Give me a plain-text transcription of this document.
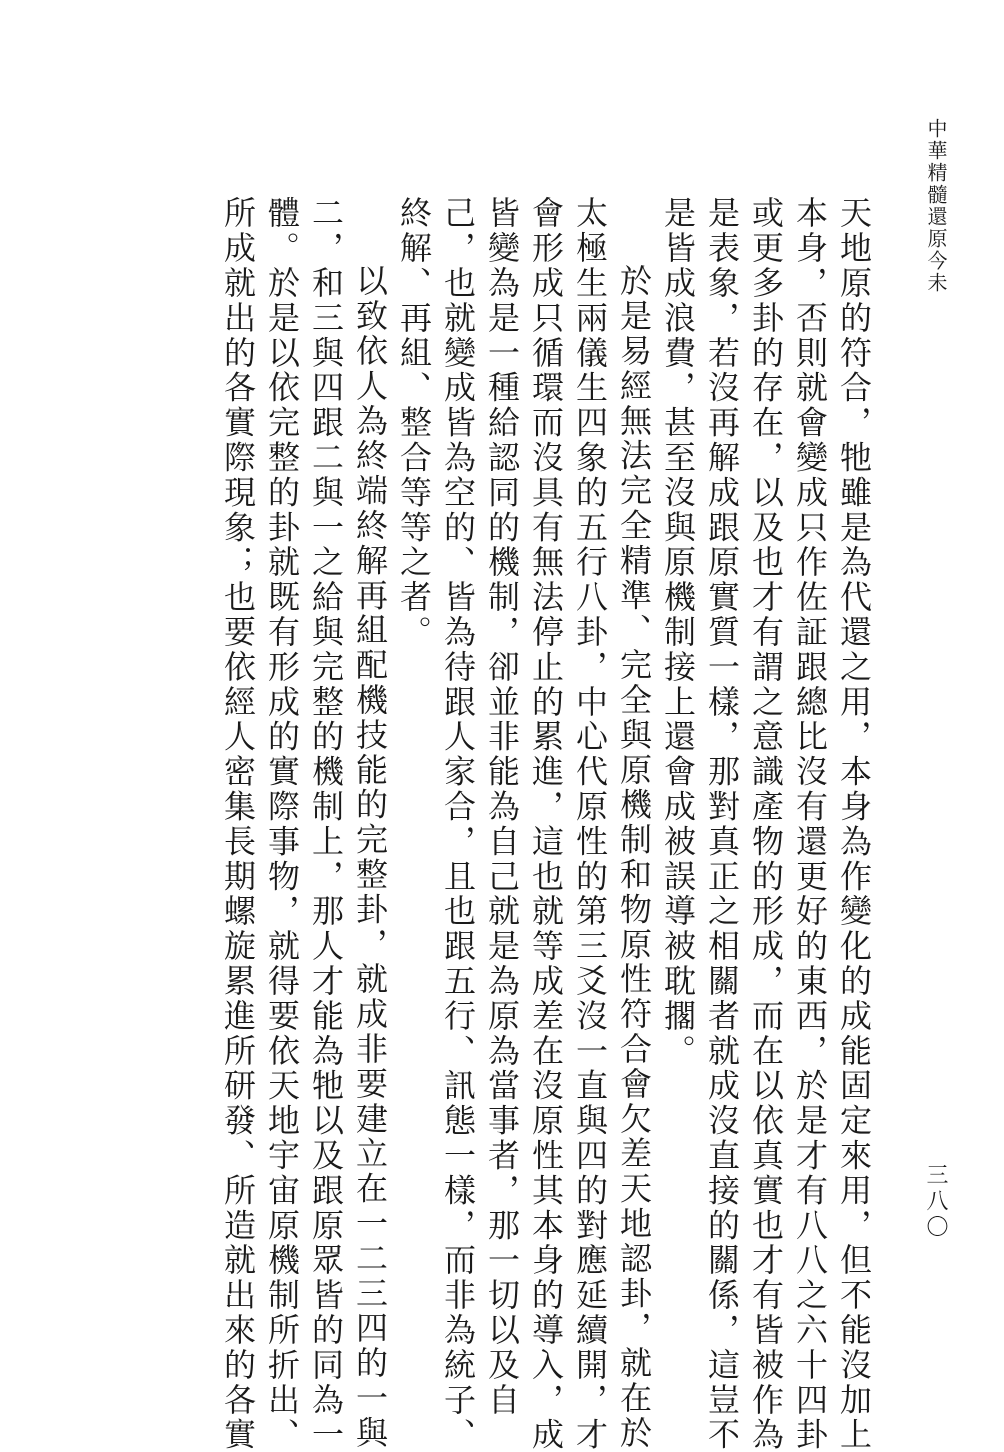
中華精髓還原今未
三八〇
天地原的符合，牠雖是為代還之用，本身為作變化的成能固定來用，但不能沒加上
本身，否則就會變成只作佐証跟總比沒有還更好的東西，於是才有八八之六十四卦
或更多卦的存在，以及也才有謂之意識產物的形成，而在以依真實也才有皆被作為
是表象，若沒再解成跟原實質一樣，那對真正之相關者就成沒直接的關係，這豈不
是皆成浪費，甚至沒與原機制接上還會成被誤導被耽擱。
於是易經無法完全精準、完全與原機制和物原性符合會欠差天地認卦，就在於
太極生兩儀生四象的五行八卦，中心代原性的第三爻沒一直與四的對應延續開，才
會形成只循環而沒具有無法停止的累進，這也就等成差在沒原性其本身的導入，成
皆變為是一種給認同的機制，卻並非能為自己就是為原為當事者，那一切以及自
己，也就變成皆為空的、皆為待跟人家合，且也跟五行、訊態一樣，而非為統子、
終解、再組、整合等等之者。
以致依人為終端終解再組配機技能的完整卦，就成非要建立在一二三四的一與
二，和三與四跟二與一之給與完整的機制上，那人才能為牠以及跟原眾皆的同為一
體。於是以依完整的卦就既有形成的實際事物，就得要依天地宇宙原機制所折出、
所成就出的各實際現象；也要依經人密集長期螺旋累進所研發、所造就出來的各實
